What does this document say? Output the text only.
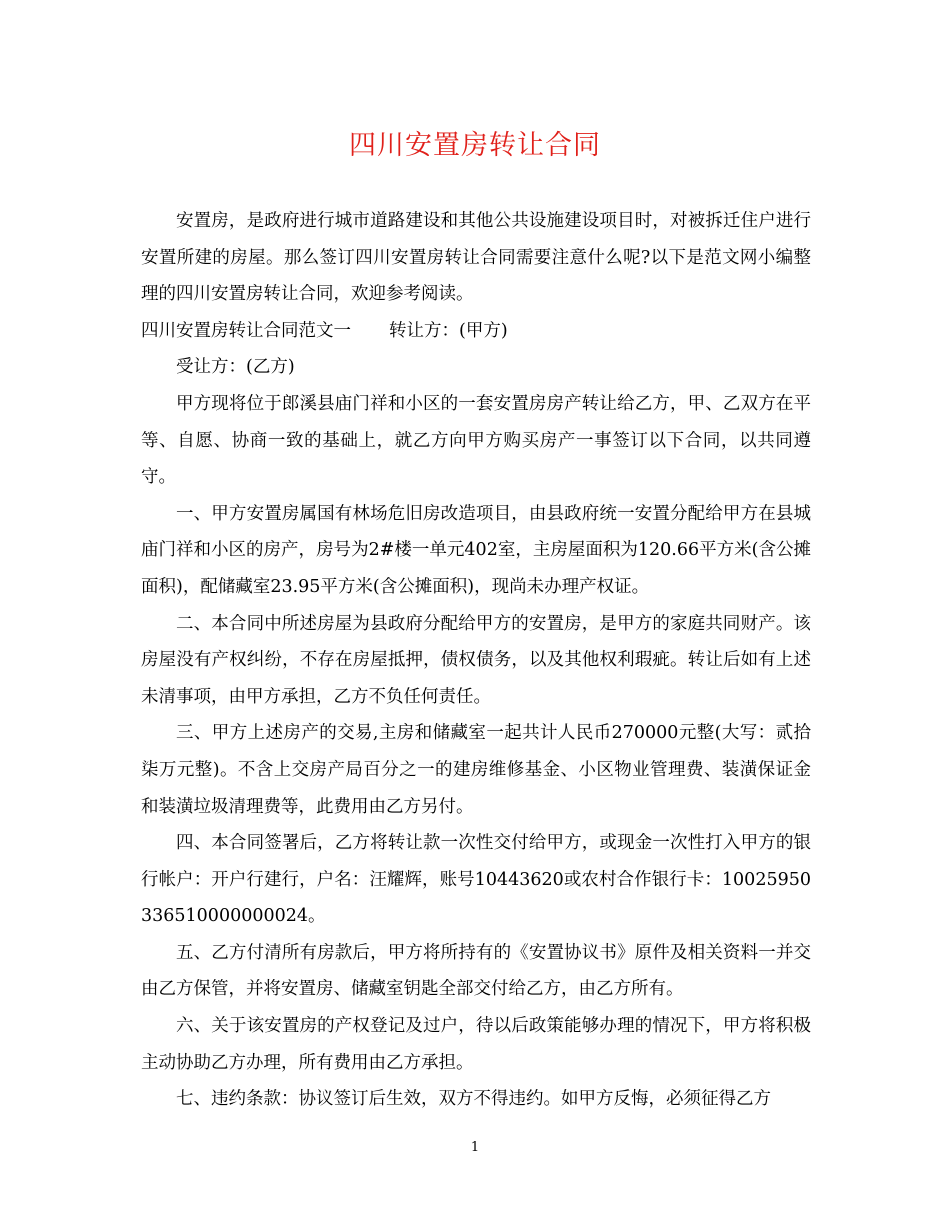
四川安置房转让合同

安置房，是政府进行城市道路建设和其他公共设施建设项目时，对被拆迁住户进行安置所建的房屋。那么签订四川安置房转让合同需要注意什么呢?以下是范文网小编整理的四川安置房转让合同，欢迎参考阅读。

四川安置房转让合同范文一 转让方：(甲方)

受让方：(乙方)

甲方现将位于郎溪县庙门祥和小区的一套安置房房产转让给乙方，甲、乙双方在平等、自愿、协商一致的基础上，就乙方向甲方购买房产一事签订以下合同，以共同遵守。

一、甲方安置房属国有林场危旧房改造项目，由县政府统一安置分配给甲方在县城庙门祥和小区的房产，房号为2#楼一单元402室，主房屋面积为120.66平方米(含公摊面积)，配储藏室23.95平方米(含公摊面积)，现尚未办理产权证。

二、本合同中所述房屋为县政府分配给甲方的安置房，是甲方的家庭共同财产。该房屋没有产权纠纷，不存在房屋抵押，债权债务，以及其他权利瑕疵。转让后如有上述未清事项，由甲方承担，乙方不负任何责任。

三、甲方上述房产的交易,主房和储藏室一起共计人民币270000元整(大写：贰拾柒万元整)。不含上交房产局百分之一的建房维修基金、小区物业管理费、装潢保证金和装潢垃圾清理费等，此费用由乙方另付。

四、本合同签署后，乙方将转让款一次性交付给甲方，或现金一次性打入甲方的银行帐户：开户行建行，户名：汪耀辉，账号10443620或农村合作银行卡：10025950336510000000024。

五、乙方付清所有房款后，甲方将所持有的《安置协议书》原件及相关资料一并交由乙方保管，并将安置房、储藏室钥匙全部交付给乙方，由乙方所有。

六、关于该安置房的产权登记及过户，待以后政策能够办理的情况下，甲方将积极主动协助乙方办理，所有费用由乙方承担。

七、违约条款：协议签订后生效，双方不得违约。如甲方反悔，必须征得乙方

1
